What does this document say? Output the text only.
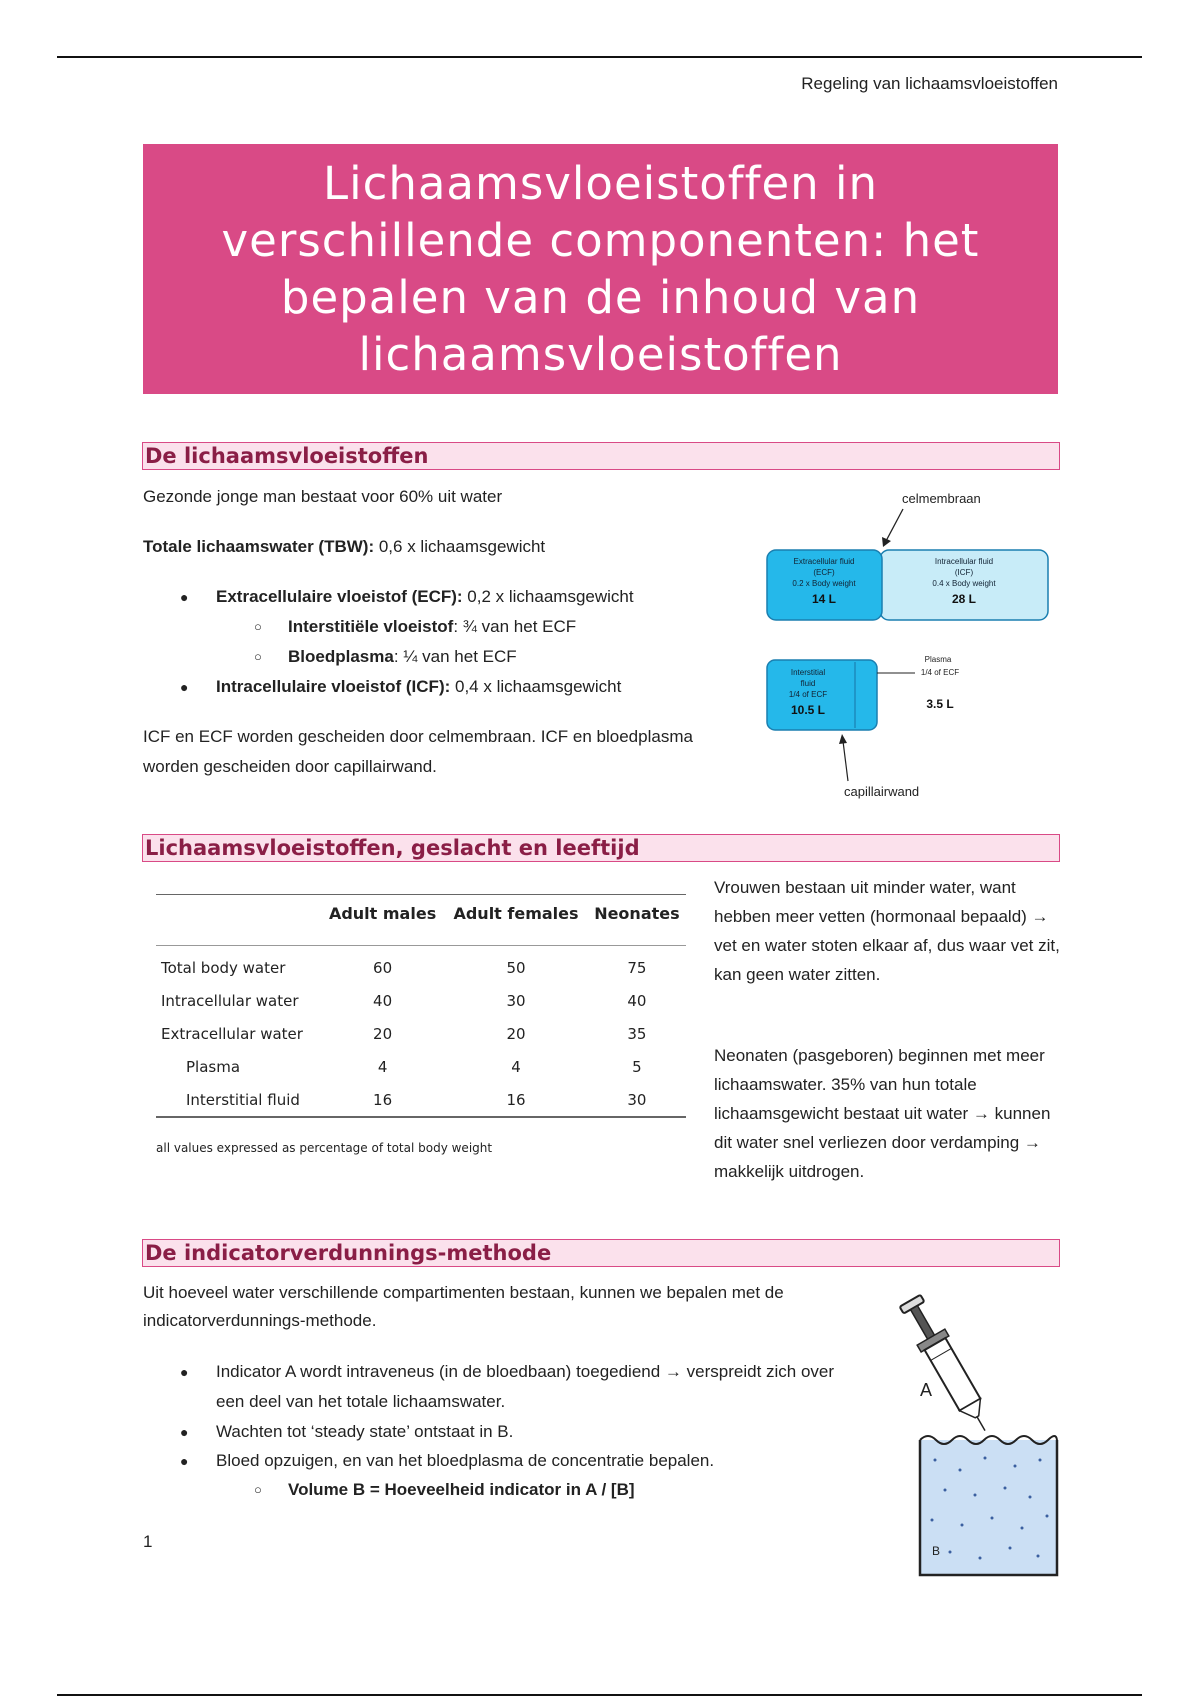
Regeling van lichaamsvloeistoffen
Lichaamsvloeistoffen in verschillende componenten: het bepalen van de inhoud van lichaamsvloeistoffen
De lichaamsvloeistoffen
Gezonde jonge man bestaat voor 60% uit water
Totale lichaamswater (TBW): 0,6 x lichaamsgewicht
● Extracellulaire vloeistof (ECF): 0,2 x lichaamsgewicht
○ Interstitiële vloeistof: ¾ van het ECF
○ Bloedplasma: ¼ van het ECF
● Intracellulaire vloeistof (ICF): 0,4 x lichaamsgewicht
ICF en ECF worden gescheiden door celmembraan. ICF en bloedplasma worden gescheiden door capillairwand.
celmembraan
Extracellular fluid
(ECF)
0.2 x Body weight
14 L
Intracellular fluid
(ICF)
0.4 x Body weight
28 L
Interstitial
fluid
1/4 of ECF
10.5 L
Plasma
1/4 of ECF
3.5 L
capillairwand
Lichaamsvloeistoffen, geslacht en leeftijd
	Adult males	Adult females	Neonates
Total body water	60	50	75
Intracellular water	40	30	40
Extracellular water	20	20	35
Plasma	4	4	5
Interstitial fluid	16	16	30
all values expressed as percentage of total body weight
Vrouwen bestaan uit minder water, want hebben meer vetten (hormonaal bepaald) → vet en water stoten elkaar af, dus waar vet zit, kan geen water zitten.
Neonaten (pasgeboren) beginnen met meer lichaamswater. 35% van hun totale lichaamsgewicht bestaat uit water → kunnen dit water snel verliezen door verdamping → makkelijk uitdrogen.
De indicatorverdunnings-methode
Uit hoeveel water verschillende compartimenten bestaan, kunnen we bepalen met de indicatorverdunnings-methode.
● Indicator A wordt intraveneus (in de bloedbaan) toegediend → verspreidt zich over een deel van het totale lichaamswater.
● Wachten tot ‘steady state’ ontstaat in B.
● Bloed opzuigen, en van het bloedplasma de concentratie bepalen.
○ Volume B = Hoeveelheid indicator in A / [B]
A
B
1
